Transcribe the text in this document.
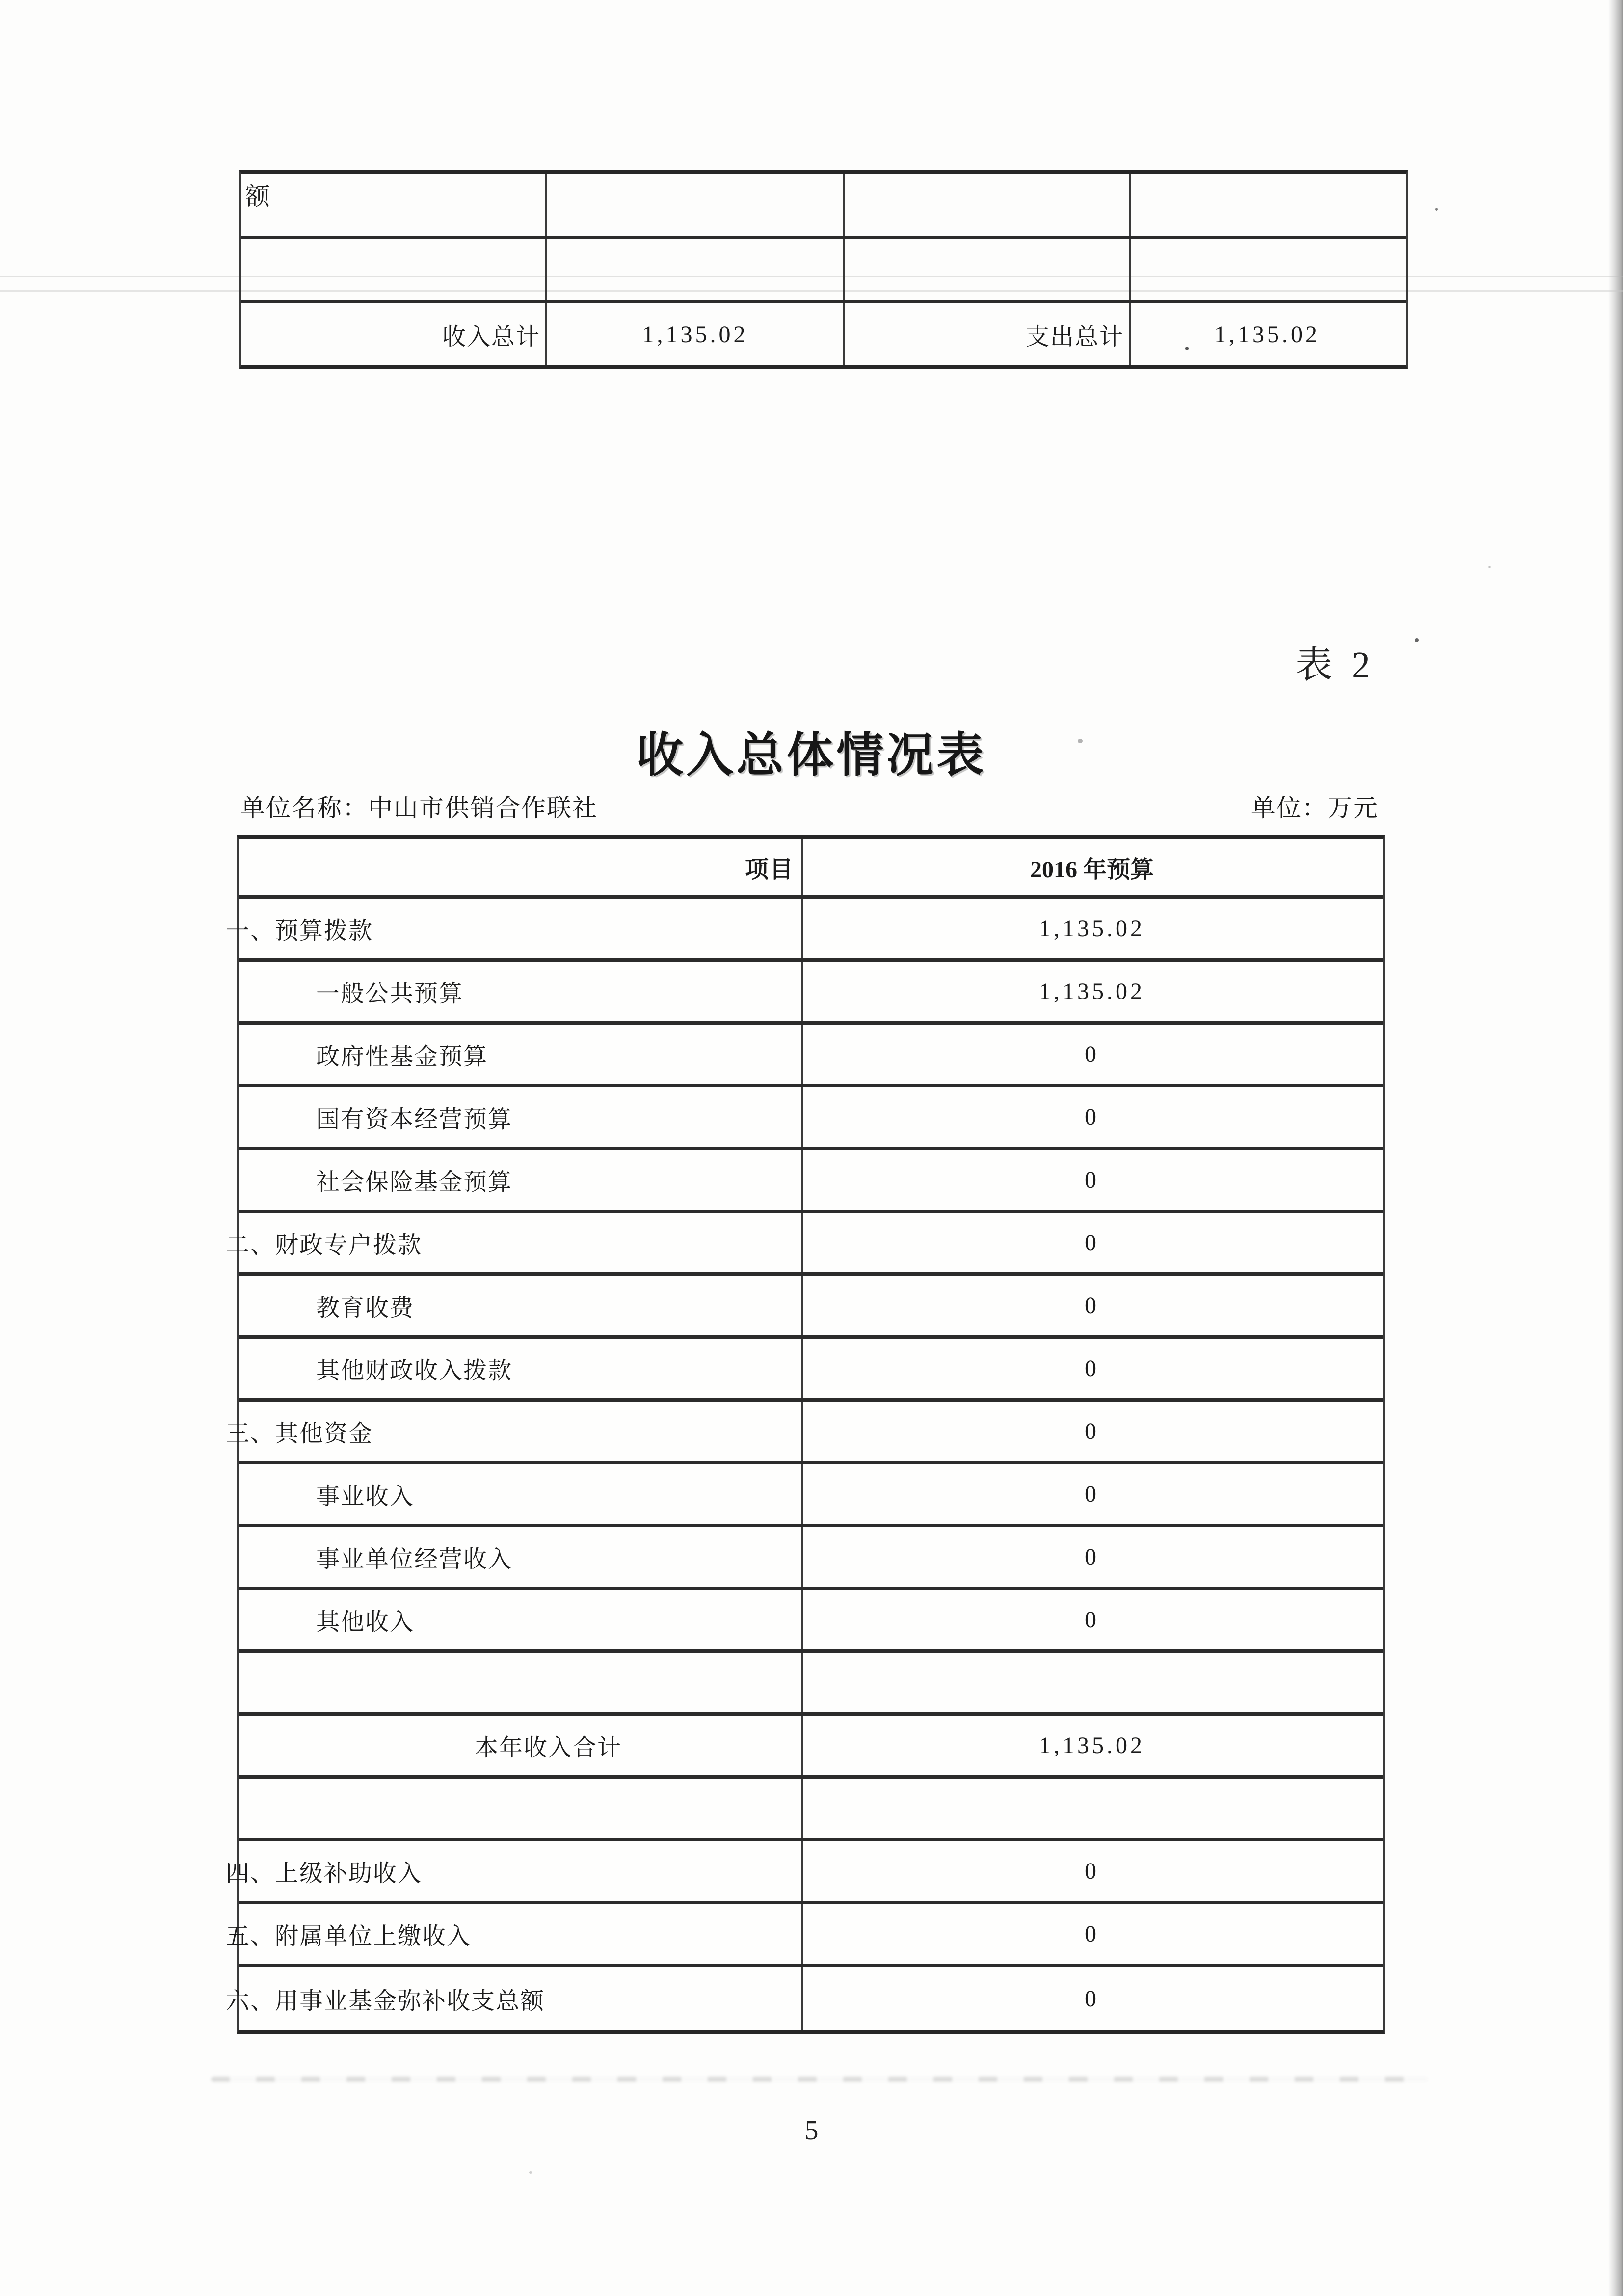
额
收入总计	1,135.02	支出总计	1,135.02
表 2
收入总体情况表
单位名称：中山市供销合作联社	单位：万元
项目	2016 年预算
一、预算拨款	1,135.02
一般公共预算	1,135.02
政府性基金预算	0
国有资本经营预算	0
社会保险基金预算	0
二、财政专户拨款	0
教育收费	0
其他财政收入拨款	0
三、其他资金	0
事业收入	0
事业单位经营收入	0
其他收入	0
本年收入合计	1,135.02
四、上级补助收入	0
五、附属单位上缴收入	0
六、用事业基金弥补收支总额	0
5
